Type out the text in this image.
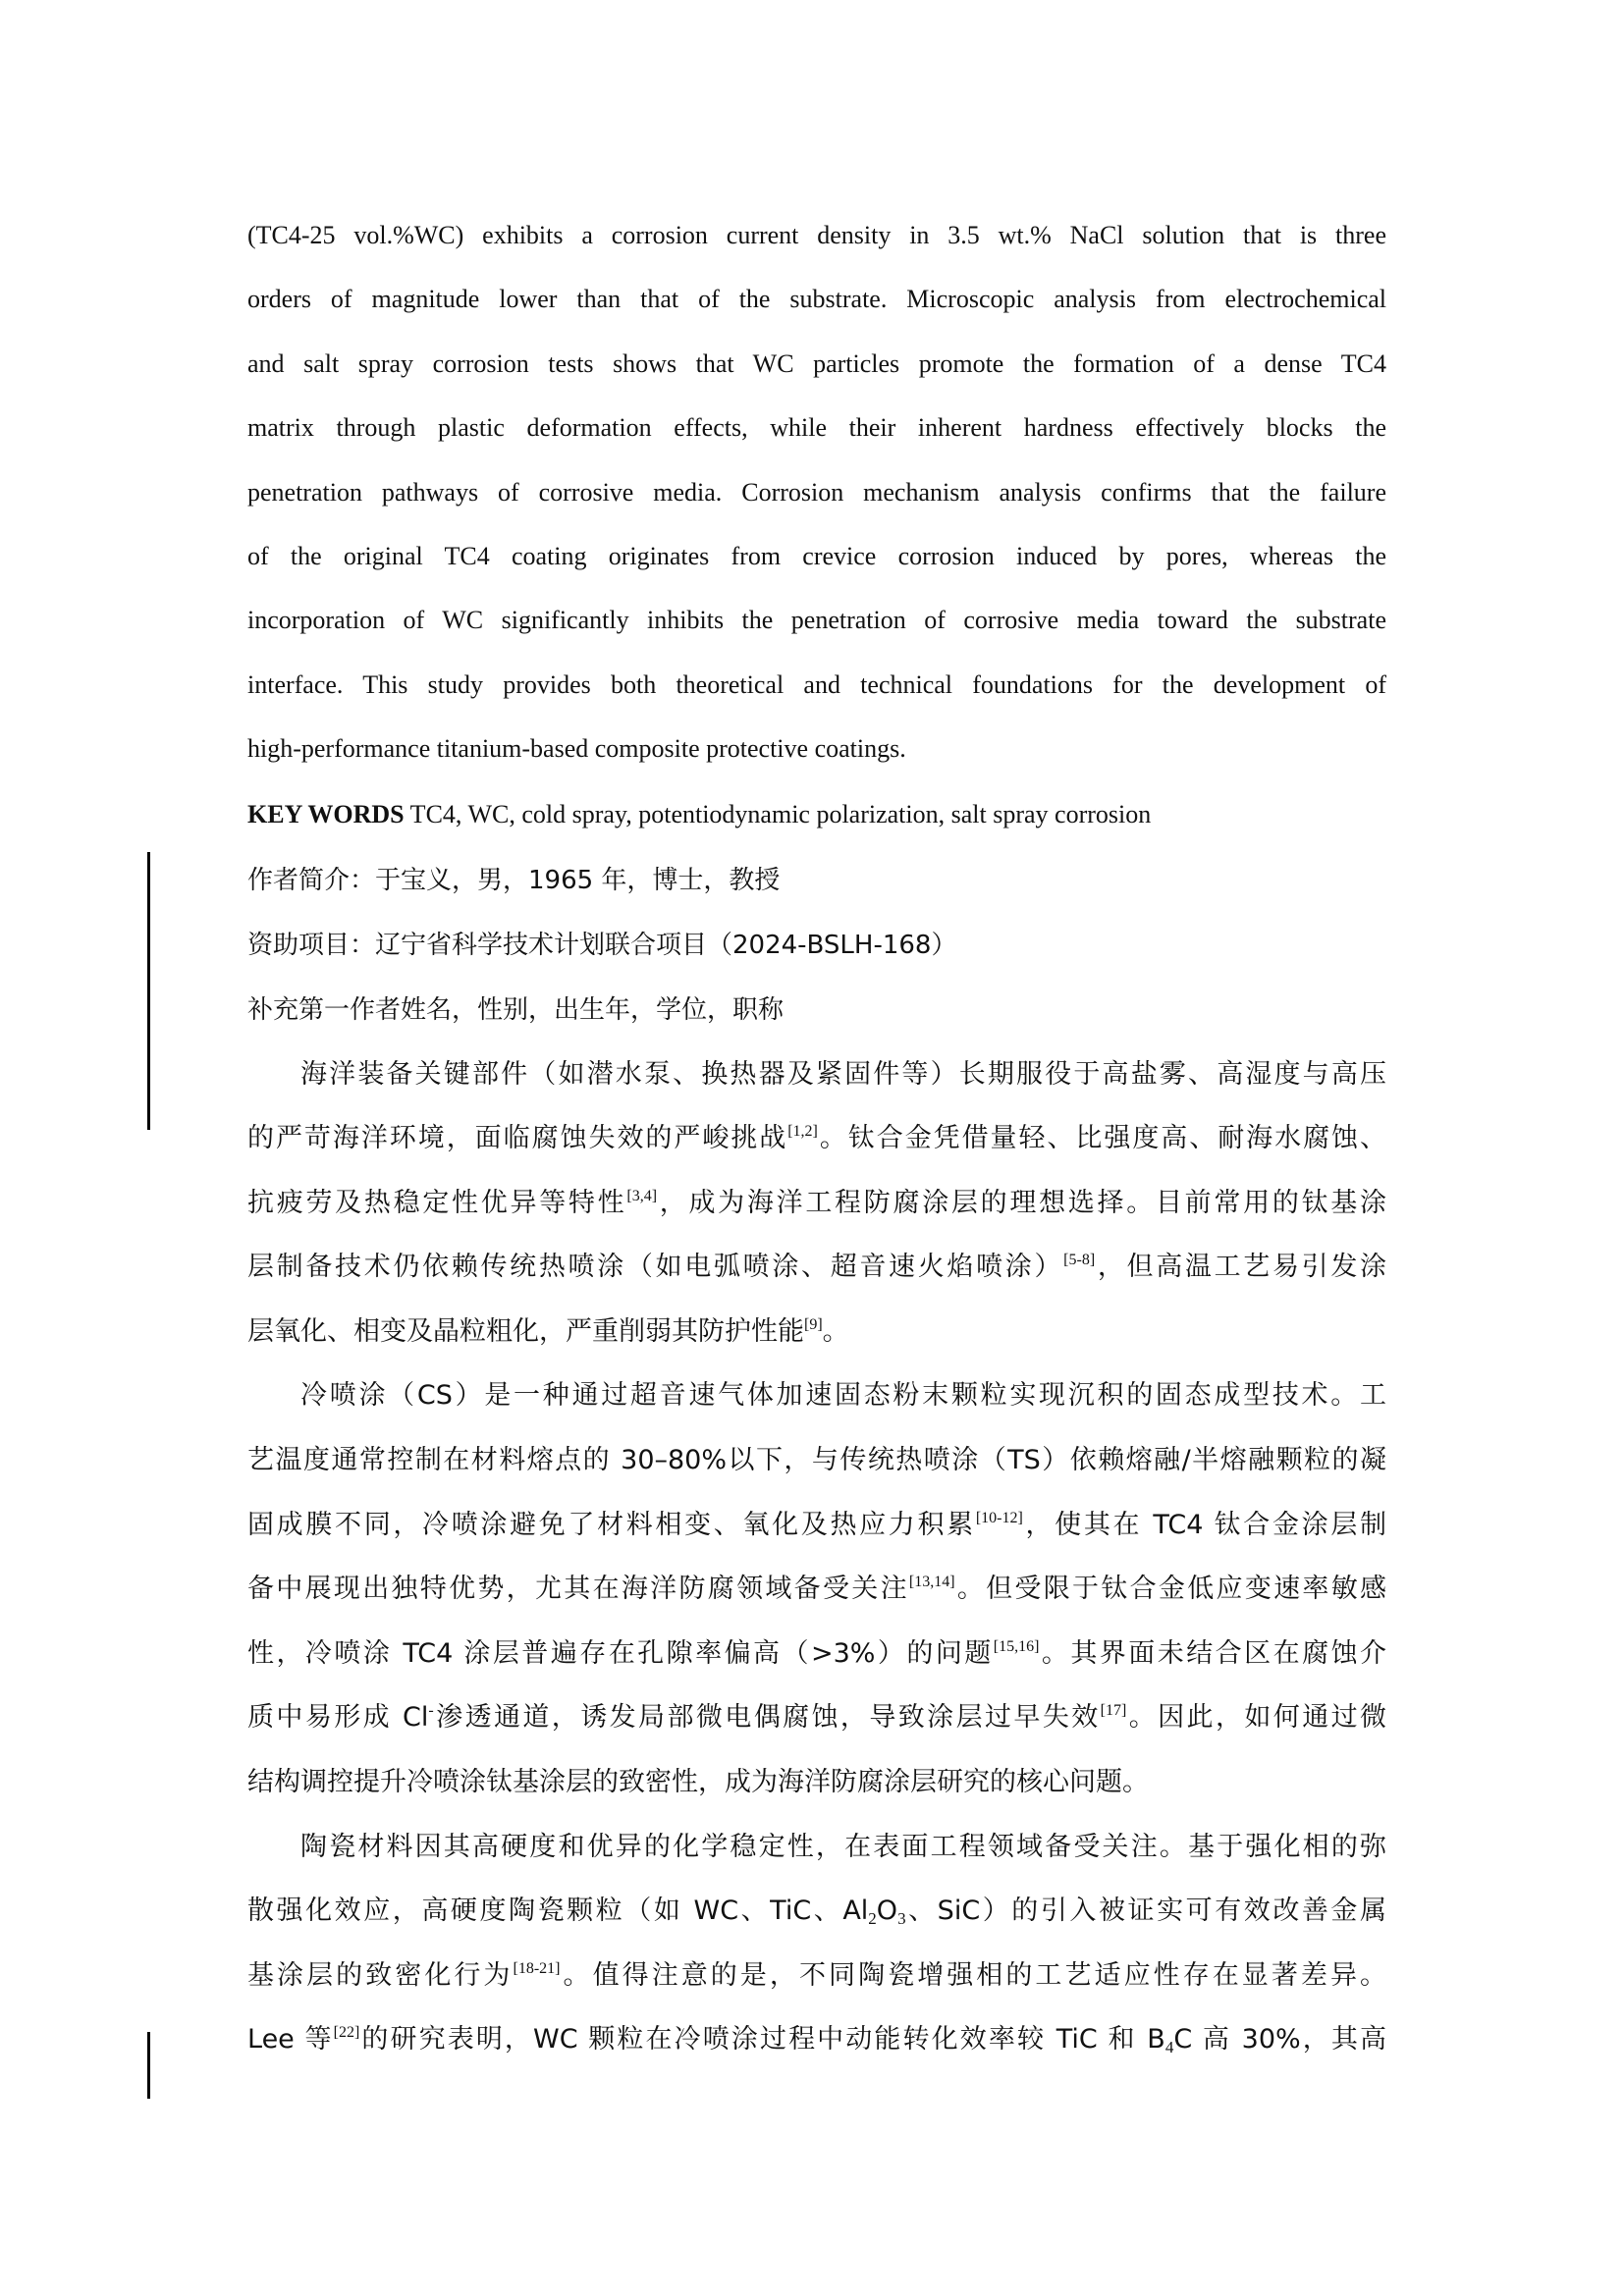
(TC4-25 vol.%WC) exhibits a corrosion current density in 3.5 wt.% NaCl solution that is three
orders of magnitude lower than that of the substrate. Microscopic analysis from electrochemical
and salt spray corrosion tests shows that WC particles promote the formation of a dense TC4
matrix through plastic deformation effects, while their inherent hardness effectively blocks the
penetration pathways of corrosive media. Corrosion mechanism analysis confirms that the failure
of the original TC4 coating originates from crevice corrosion induced by pores, whereas the
incorporation of WC significantly inhibits the penetration of corrosive media toward the substrate
interface. This study provides both theoretical and technical foundations for the development of
high-performance titanium-based composite protective coatings.
KEY WORDS TC4, WC, cold spray, potentiodynamic polarization, salt spray corrosion
作者简介：于宝义，男，1965 年，博士，教授
资助项目：辽宁省科学技术计划联合项目（2024-BSLH-168）
补充第一作者姓名，性别，出生年，学位，职称
海洋装备关键部件（如潜水泵、换热器及紧固件等）长期服役于高盐雾、高湿度与高压
的严苛海洋环境，面临腐蚀失效的严峻挑战[1,2]。钛合金凭借量轻、比强度高、耐海水腐蚀、
抗疲劳及热稳定性优异等特性[3,4]，成为海洋工程防腐涂层的理想选择。目前常用的钛基涂
层制备技术仍依赖传统热喷涂（如电弧喷涂、超音速火焰喷涂）[5-8]，但高温工艺易引发涂
层氧化、相变及晶粒粗化，严重削弱其防护性能[9]。
冷喷涂（CS）是一种通过超音速气体加速固态粉末颗粒实现沉积的固态成型技术。工
艺温度通常控制在材料熔点的 30–80%以下，与传统热喷涂（TS）依赖熔融/半熔融颗粒的凝
固成膜不同，冷喷涂避免了材料相变、氧化及热应力积累[10-12]，使其在 TC4 钛合金涂层制
备中展现出独特优势，尤其在海洋防腐领域备受关注[13,14]。但受限于钛合金低应变速率敏感
性，冷喷涂 TC4 涂层普遍存在孔隙率偏高（>3%）的问题[15,16]。其界面未结合区在腐蚀介
质中易形成 Cl-渗透通道，诱发局部微电偶腐蚀，导致涂层过早失效[17]。因此，如何通过微
结构调控提升冷喷涂钛基涂层的致密性，成为海洋防腐涂层研究的核心问题。
陶瓷材料因其高硬度和优异的化学稳定性，在表面工程领域备受关注。基于强化相的弥
散强化效应，高硬度陶瓷颗粒（如 WC、TiC、$Al_2O_3$、SiC）的引入被证实可有效改善金属
基涂层的致密化行为[18-21]。值得注意的是，不同陶瓷增强相的工艺适应性存在显著差异。
Lee 等[22]的研究表明，WC 颗粒在冷喷涂过程中动能转化效率较 TiC 和 $B_4C$ 高 30%，其高
